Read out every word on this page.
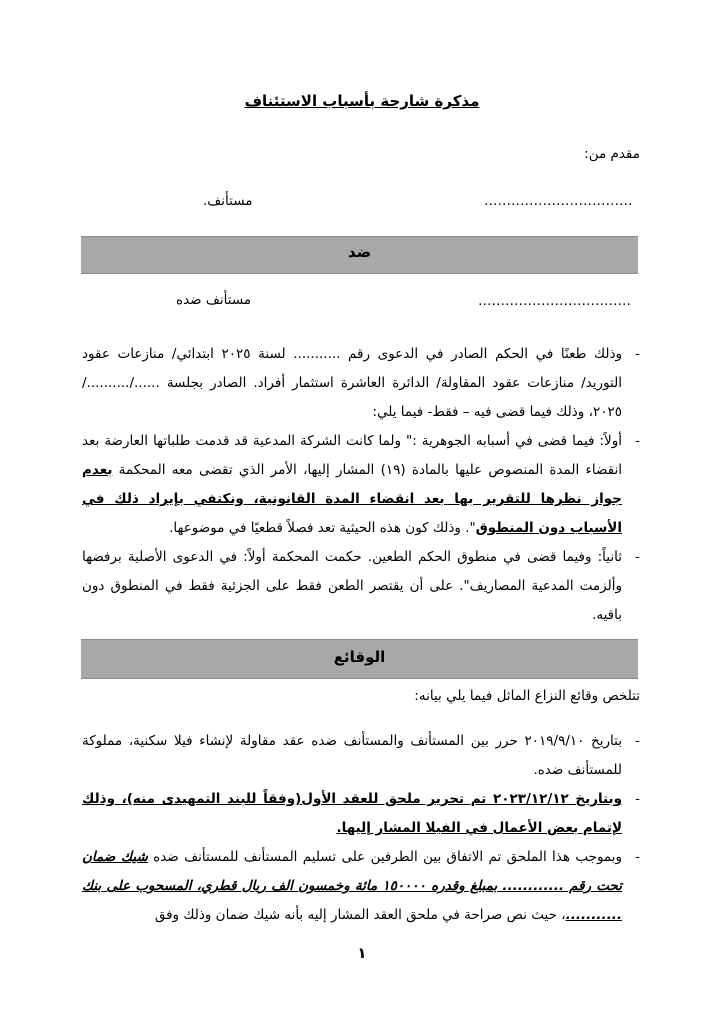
مذكرة شارحة بأسباب الاستئناف
مقدم من:
……………………………
مستأنف.
ضد
…………………………….
مستأنف ضده
-
وذلك طعنًا في الحكم الصادر في الدعوى رقم ........... لسنة ٢٠٢٥ ابتدائي/ منازعات عقود التوريد/ منازعات عقود المقاولة/ الدائرة العاشرة استثمار أفراد. الصادر بجلسة ....../........../٢٠٢٥، وذلك فيما قضى فيه – فقط- فيما يلي:
-
أولاً: فيما قضى في أسبابه الجوهرية :" ولما كانت الشركة المدعية قد قدمت طلباتها العارضة بعد انقضاء المدة المنصوص عليها بالمادة (١٩) المشار إليها، الأمر الذي تقضى معه المحكمة بعدم جواز نظرها للتقرير بها بعد انقضاء المدة القانونية، ونكتفي بإيراد ذلك في الأسباب دون المنطوق". وذلك كون هذه الحيثية تعد فصلاً قطعيًا في موضوعها.
-
ثانياً: وفيما قضى في منطوق الحكم الطعين. حكمت المحكمة أولاً: في الدعوى الأصلية برفضها وألزمت المدعية المصاريف". على أن يقتصر الطعن فقط على الجزئية فقط في المنطوق دون باقيه.
الوقائع
تتلخص وقائع النزاع الماثل فيما يلي بيانه:
-
بتاريخ ٢٠١٩/٩/١٠ حرر بين المستأنف والمستأنف ضده عقد مقاولة لإنشاء فيلا سكنية، مملوكة للمستأنف ضده.
-
وبتاريخ ٢٠٢٣/١٢/١٢ تم تحرير ملحق للعقد الأول(وفقاً للبند التمهيدى منه)، وذلك لإتمام بعض الأعمال في الفيلا المشار إليها.
-
وبموجب هذا الملحق تم الاتفاق بين الطرفين على تسليم المستأنف للمستأنف ضده شيك ضمان تحت رقم ............ بمبلغ وقدره ١٥٠٠٠٠ مائة وخمسون الف ريال قطري، المسحوب على بنك ...........، حيث نص صراحة في ملحق العقد المشار إليه بأنه شيك ضمان وذلك وفق
١
